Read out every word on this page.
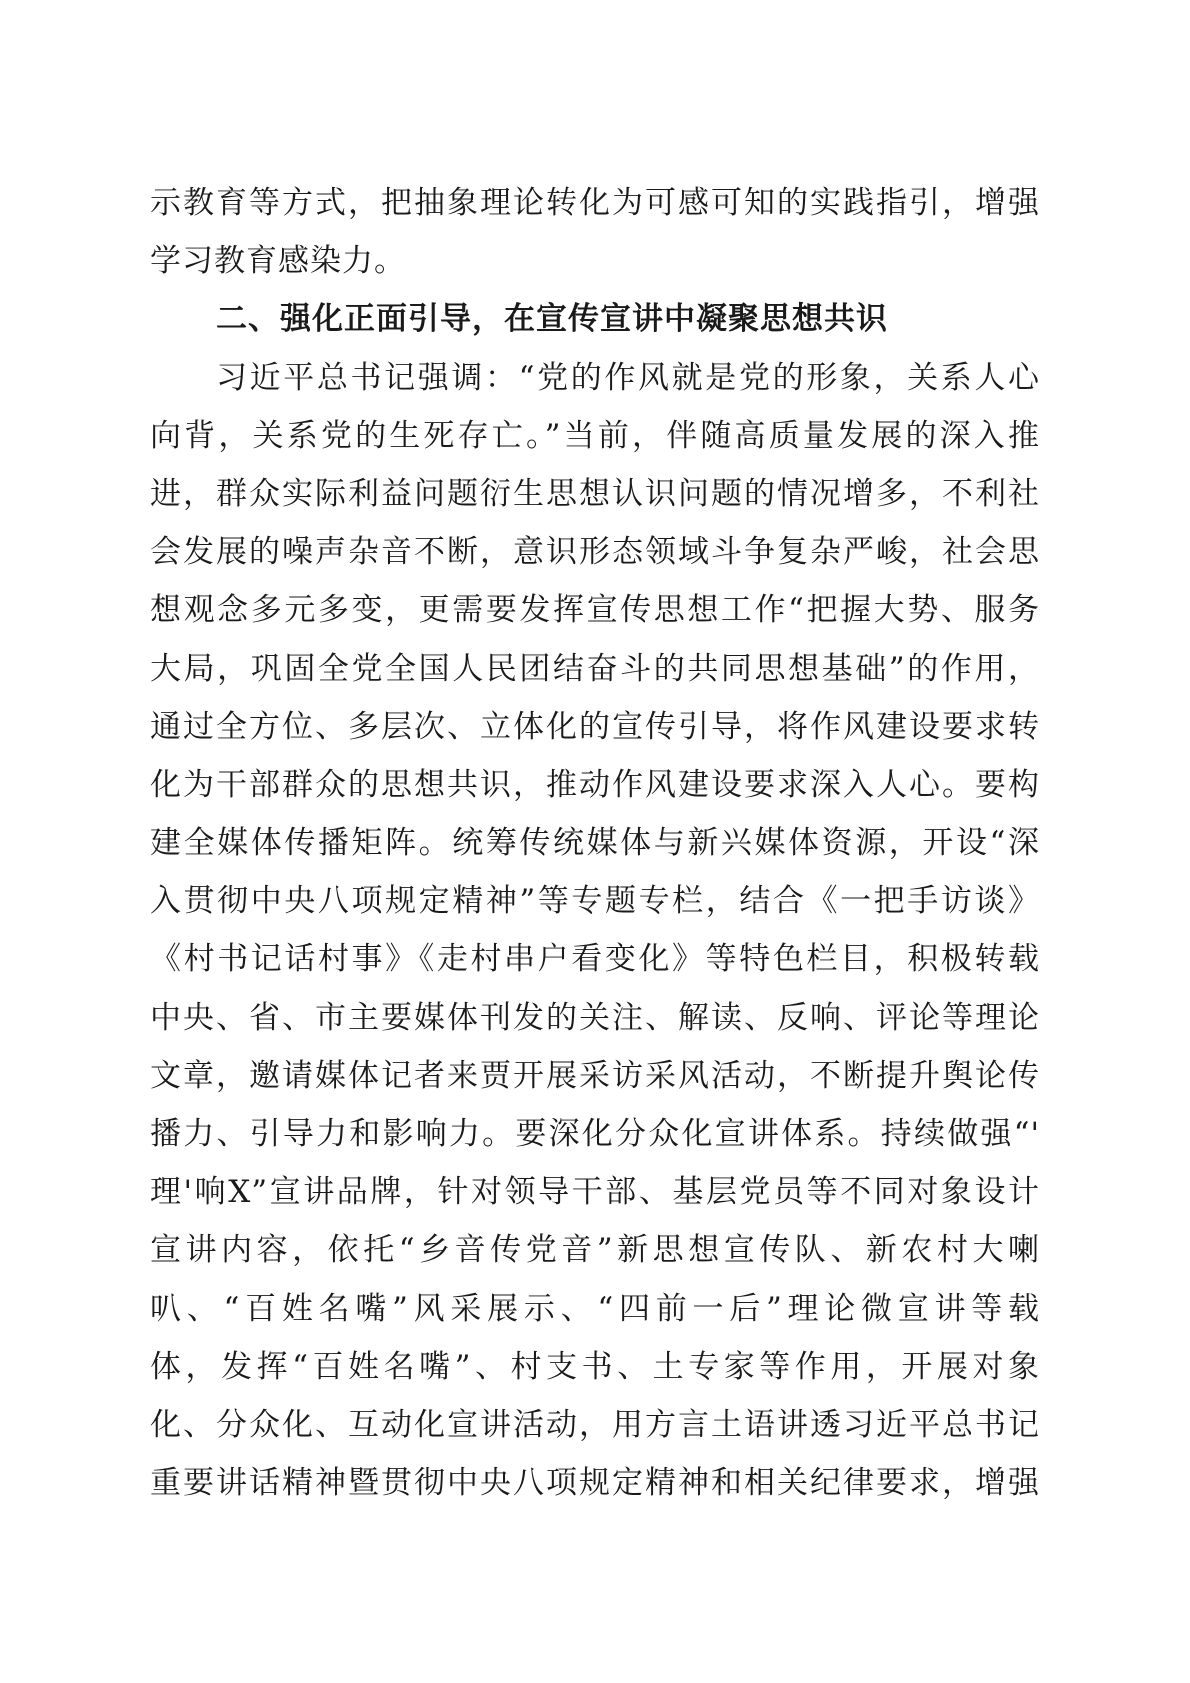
示教育等方式，把抽象理论转化为可感可知的实践指引，增强
学习教育感染力。
二、强化正面引导，在宣传宣讲中凝聚思想共识
习近平总书记强调：“党的作风就是党的形象，关系人心
向背，关系党的生死存亡。”当前，伴随高质量发展的深入推
进，群众实际利益问题衍生思想认识问题的情况增多，不利社
会发展的噪声杂音不断，意识形态领域斗争复杂严峻，社会思
想观念多元多变，更需要发挥宣传思想工作“把握大势、服务
大局，巩固全党全国人民团结奋斗的共同思想基础”的作用，
通过全方位、多层次、立体化的宣传引导，将作风建设要求转
化为干部群众的思想共识，推动作风建设要求深入人心。要构
建全媒体传播矩阵。统筹传统媒体与新兴媒体资源，开设“深
入贯彻中央八项规定精神”等专题专栏，结合《一把手访谈》
《村书记话村事》《走村串户看变化》等特色栏目，积极转载
中央、省、市主要媒体刊发的关注、解读、反响、评论等理论
文章，邀请媒体记者来贾开展采访采风活动，不断提升舆论传
播力、引导力和影响力。要深化分众化宣讲体系。持续做强“'
理'响X”宣讲品牌，针对领导干部、基层党员等不同对象设计
宣讲内容，依托“乡音传党音”新思想宣传队、新农村大喇
叭、“百姓名嘴”风采展示、“四前一后”理论微宣讲等载
体，发挥“百姓名嘴”、村支书、土专家等作用，开展对象
化、分众化、互动化宣讲活动，用方言土语讲透习近平总书记
重要讲话精神暨贯彻中央八项规定精神和相关纪律要求，增强
